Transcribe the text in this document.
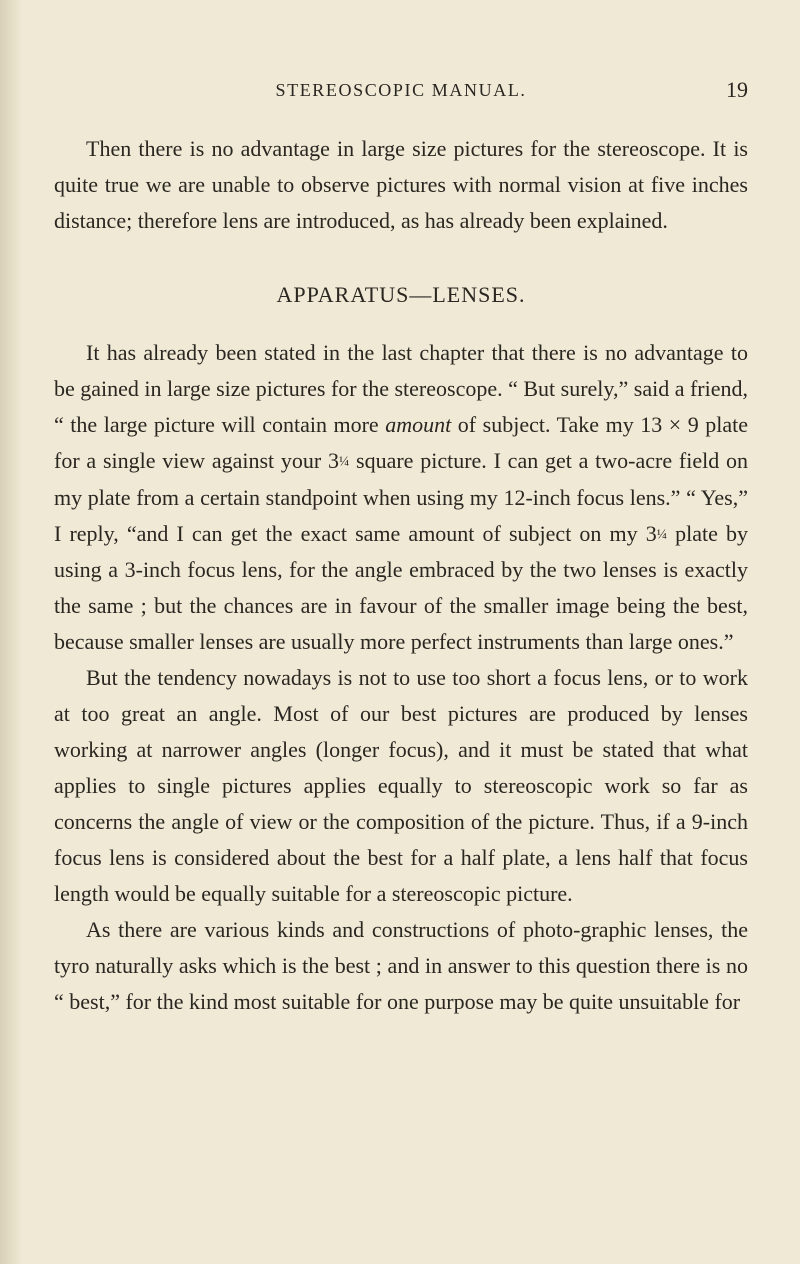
STEREOSCOPIC MANUAL.	19

Then there is no advantage in large size pictures for the stereoscope. It is quite true we are unable to observe pictures with normal vision at five inches distance; therefore lens are introduced, as has already been explained.

APPARATUS—LENSES.

It has already been stated in the last chapter that there is no advantage to be gained in large size pictures for the stereoscope. “ But surely,” said a friend, “ the large picture will contain more amount of subject. Take my 13 × 9 plate for a single view against your 3¼ square picture. I can get a two-acre field on my plate from a certain standpoint when using my 12-inch focus lens.” “ Yes,” I reply, “and I can get the exact same amount of subject on my 3¼ plate by using a 3-inch focus lens, for the angle embraced by the two lenses is exactly the same ; but the chances are in favour of the smaller image being the best, because smaller lenses are usually more perfect instruments than large ones.”

But the tendency nowadays is not to use too short a focus lens, or to work at too great an angle. Most of our best pictures are produced by lenses working at narrower angles (longer focus), and it must be stated that what applies to single pictures applies equally to stereoscopic work so far as concerns the angle of view or the composition of the picture. Thus, if a 9-inch focus lens is considered about the best for a half plate, a lens half that focus length would be equally suitable for a stereoscopic picture.

As there are various kinds and constructions of photo-graphic lenses, the tyro naturally asks which is the best ; and in answer to this question there is no “ best,” for the kind most suitable for one purpose may be quite unsuitable for
